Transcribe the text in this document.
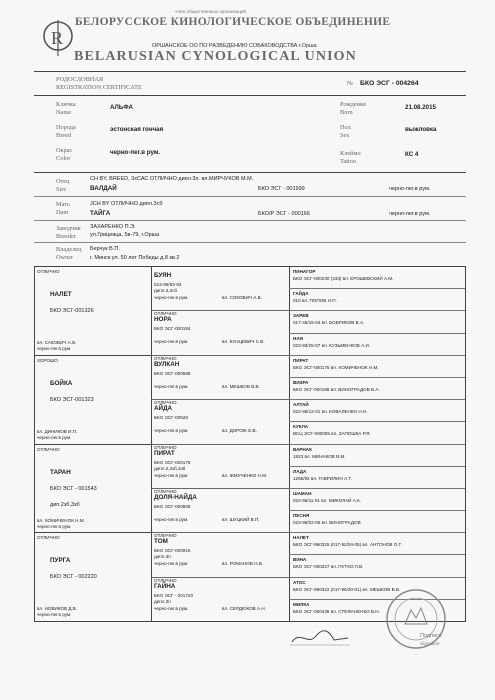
R
член общественных организаций
БЕЛОРУССКОЕ КИНОЛОГИЧЕСКОЕ ОБЪЕДИНЕНИЕ
ОРШАНСКОЕ ОО ПО РАЗВЕДЕНИЮ СОБАКОВОДСТВА г.Орша
BELARUSIAN CYNOLOGICAL UNION
РОДОСЛОВНАЯ
REGISTRATION CERTIFICATE
№ БКО ЭСГ - 004264
Кличка
Name
АЛЬФА	Рождение
Born
21.08.2015
Порода
Breed
эстонская гончая	Пол
Sex
выжловка
Окрас
Color
черно-пег.в рум.	Клеймо
Tattoo
КС 4
Отец
Sire
CH BY, BREED, 3хСАС ОТЛИЧНО дипл.3п. вл.МИРЧУКОВ М.М.
ВАЛДАЙ	БКО ЭСГ - 001999	черно-пег.в рум.
Мать
Dam
JCH BY ОТЛИЧНО дипл.3сб
ТАЙГА	БКО/Р ЭСГ - 000166	черно-пег.в рум.
Заводчик
Breeder
ЗАХАРЕНКО П.Э.
ул.Грицевца, 5в-79, г.Орша
Владелец
Owner
Берчук В.П.
г. Минск ул. 50 лет Победы д.8 кв.2
ОТЛИЧНО
НАЛЕТ
БКО ЭСГ-001326
вл. САКОВИЧ А.В.
черно-пег.в рум.
ХОРОШО
БОЙКА
БКО ЭСГ-001323
вл. ДИНИКОВ И.П.
черно-пег.в рум.
ОТЛИЧНО
ТАРАН
БКО ЭСГ - 001543
дип.2зб,3зб
вл. ХОМИЧЕНОК Н.М.
черно-пег.в рум.
ОТЛИЧНО
ПУРГА
БКО ЭСГ - 002220
вл. НОВИКОВ Д.В.
черно-пег.в рум.
БУЯН
023-96/93-93
дипл.2,3сб
черно-пег.в рум.	вл. СОКОВИЧ А.В.
ОТЛИЧНО
НОРА
БКО ЭСГ-000184
черно-пег.в рум.	вл. КУНЦЕВИЧ С.В.
ОТЛИЧНО
ВУЛКАН
БКО ЭСГ-000588
черно-пег.в рум.	вл. МЕШКОВ В.В.
ОТЛИЧНО
АЙДА
БКО ЭСГ-00528
черно-пег.в рум.	вл. ДОРОЖ Е.В.
ОТЛИЧНО
ПИРАТ
БКО ЭСГ-000175
дипл.2,3зб,3зб
черно-пег.в рум.	вл. ЖМУЧЕНКО Н.М.
ОТЛИЧНО
ДОЛЯ-НАЙДА
БКО ЭСГ-000808
черно-пег.в рум.	вл. ШУЦКИЙ В.П.
ОТЛИЧНО
ТОМ
БКО ЭСГ-000916
дипл.3п
черно-пег.в рум.	вл. РОМАНОВ Н.В.
ОТЛИЧНО
ГАЙНА
БКО ЭСГ - 001720
дипл.2п
черно-пег.в рум.	вл. СЕРДЮКОВ А.Н.
ПИНАГОР
БКО ЭСГ-000230 (333) вл. ЕРОШЕВСКИЙ А.М.
ГАЙДА
010 вл. ПОПОВ Н.П.
ЗАРЕВ
017-46/16-04 вл. БОБРИКОВ В.А.
НАЯ
023-93/25-07 вл. КУЗЬМЕНКОВ А.И.
ПИРАТ
БКО ЭСГ-000175 вл. ХОМИЧЕНОК Н.М.
ВИЗРА
БКО ЭСГ-000188 вл. ВИНОГРАДОВ В.А.
АЛТАЙ
022-96/12-01 вл. КОВАЛЕНКО Н.Н.
КУКЛА
ВСЦ ЭСГ-000005 вл. ЗАПОШКА Р.Я.
ВАРНАК
1823 вл. МИНАКОВ В.М.
ЛАДА
1258/92 вл. ГАВРИЛИН А.Т.
ШАМАН
022-96/11-01 вл. МИКОЛАЙ А.К.
ПЕСНЯ
023-96/02-05 вл. ВИНОГРАДОВ
НАЛЕТ
БКО ЭСГ-960325 (017-92/04-05) вл. АНТОНОВ О.Г.
ВИНА
БКО ЭСГ-000227 вл. ПУТКО Л.В.
АТОС
БКО ЭСГ-990322 (017-96/20-01) вл. МЕШКОВ В.В.
МИЛКА
БКО ЭСГ-000436 вл. СТЕФАНЕНКО В.Н.
Подпись
Signature
